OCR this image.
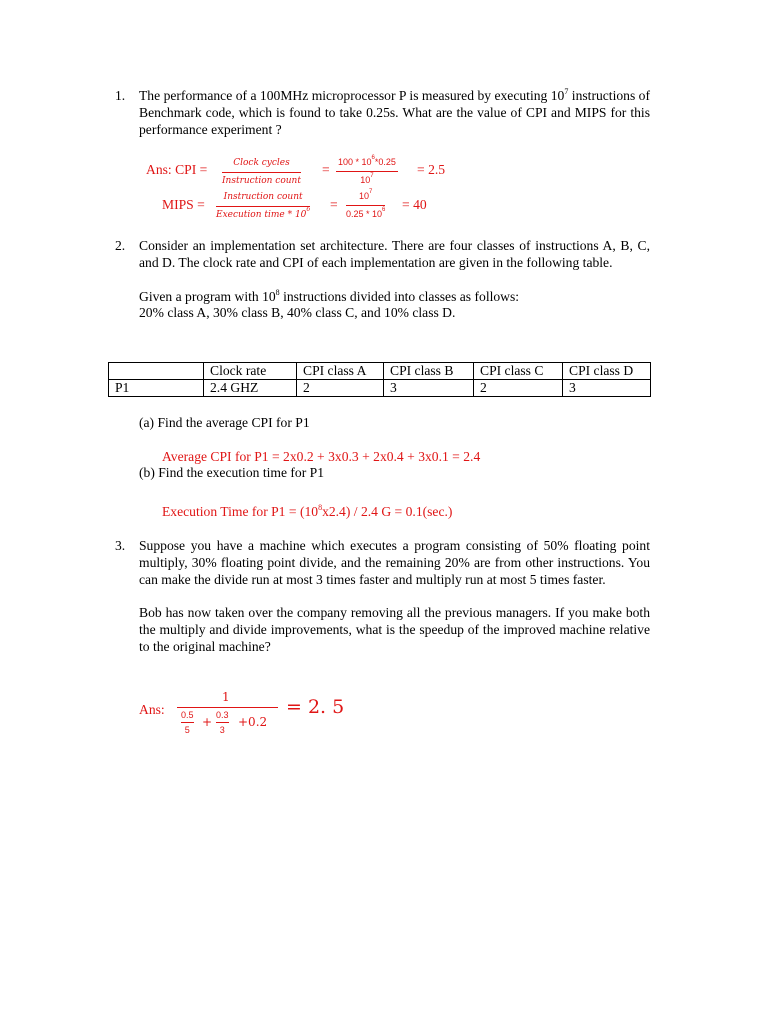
1. The performance of a 100MHz microprocessor P is measured by executing $10^7$ instructions of Benchmark code, which is found to take 0.25s. What are the value of CPI and MIPS for this performance experiment ?
Ans: CPI =	Clock cycles
Instruction count
= $100 * 10^6*0.25$
$10^7$	= 2.5
MIPS = Instruction count
Execution time * $10^6$ =
$10^7$
$0.25 * 10^6 = 40$
2. Consider an implementation set architecture. There are four classes of instructions A, B, C, and D. The clock rate and CPI of each implementation are given in the following table.
Given a program with $10^8$ instructions divided into classes as follows:
20% class A, 30% class B, 40% class C, and 10% class D.
	Clock rate	CPI class A	CPI class B	CPI class C	CPI class D
P1	2.4 GHZ	2	3	2	3
(a) Find the average CPI for P1
Average CPI for P1 = 2x0.2 + 3x0.3 + 2x0.4 + 3x0.1 = 2.4
(b) Find the execution time for P1
Execution Time for $P1 = (10^8x2.4) / 2.4$ G = 0.1(sec.)
3. Suppose you have a machine which executes a program consisting of 50% floating point multiply, 30% floating point divide, and the remaining 20% are from other instructions. You can make the divide run at most 3 times faster and multiply run at most 5 times faster.
Bob has now taken over the company removing all the previous managers. If you make both the multiply and divide improvements, what is the speedup of the improved machine relative to the original machine?
Ans:
1
0.5
5
+ 0.3
3
+0.2
= 2. 5
